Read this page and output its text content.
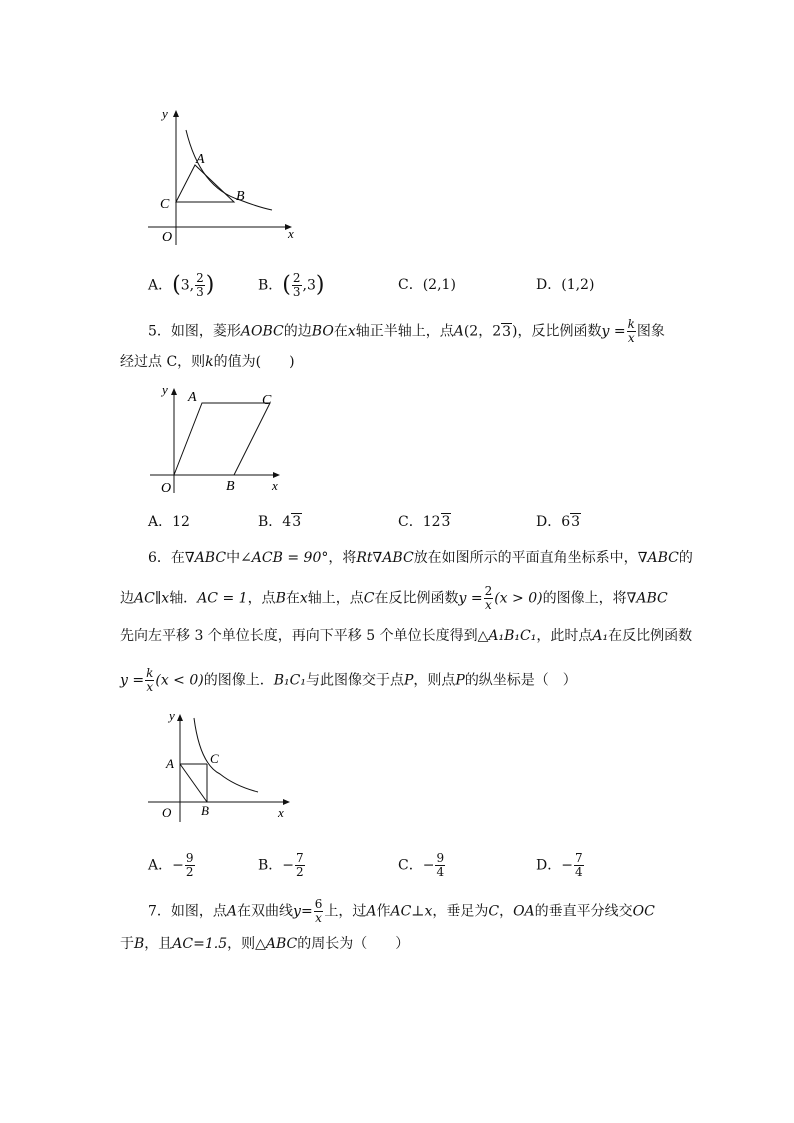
y
x
O
A
B
C
A．(3, $\frac{2}{3}$ )	B．( $\frac{2}{3} ,3$)	C．(2,1)	D．(1,2)
5．如图，菱形AOBC的边BO在x轴正半轴上，点A(2，23)，反比例函数$y = \frac{k}{x}$ 图象
经过点 C，则k的值为(　　)
y
x
O
A
B
C
A．12	B．43	C．123	D．63
6．在∇ABC中∠ACB = 90°，将Rt∇ABC放在如图所示的平面直角坐标系中，∇ABC的
边AC∥x轴．AC = 1，点B在x轴上，点C在反比例函数$y = \frac{2}{x} (x > 0)$的图像上，将∇ABC
先向左平移 3 个单位长度，再向下平移 5 个单位长度得到△A₁B₁C₁，此时点A₁在反比例函数
$y = \frac{k}{x} (x < 0)$的图像上．B₁C₁与此图像交于点P，则点P的纵坐标是（　）
y
x
O
A
B
C
A．− $\frac{9}{2}$	B．− $\frac{7}{2}$	C．− $\frac{9}{4}$	D．− $\frac{7}{4}$
7．如图，点A在双曲线$y= \frac{6}{x}$ 上，过A作AC⊥x，垂足为C，OA的垂直平分线交OC
于B，且AC=1.5，则△ABC的周长为（　　）
